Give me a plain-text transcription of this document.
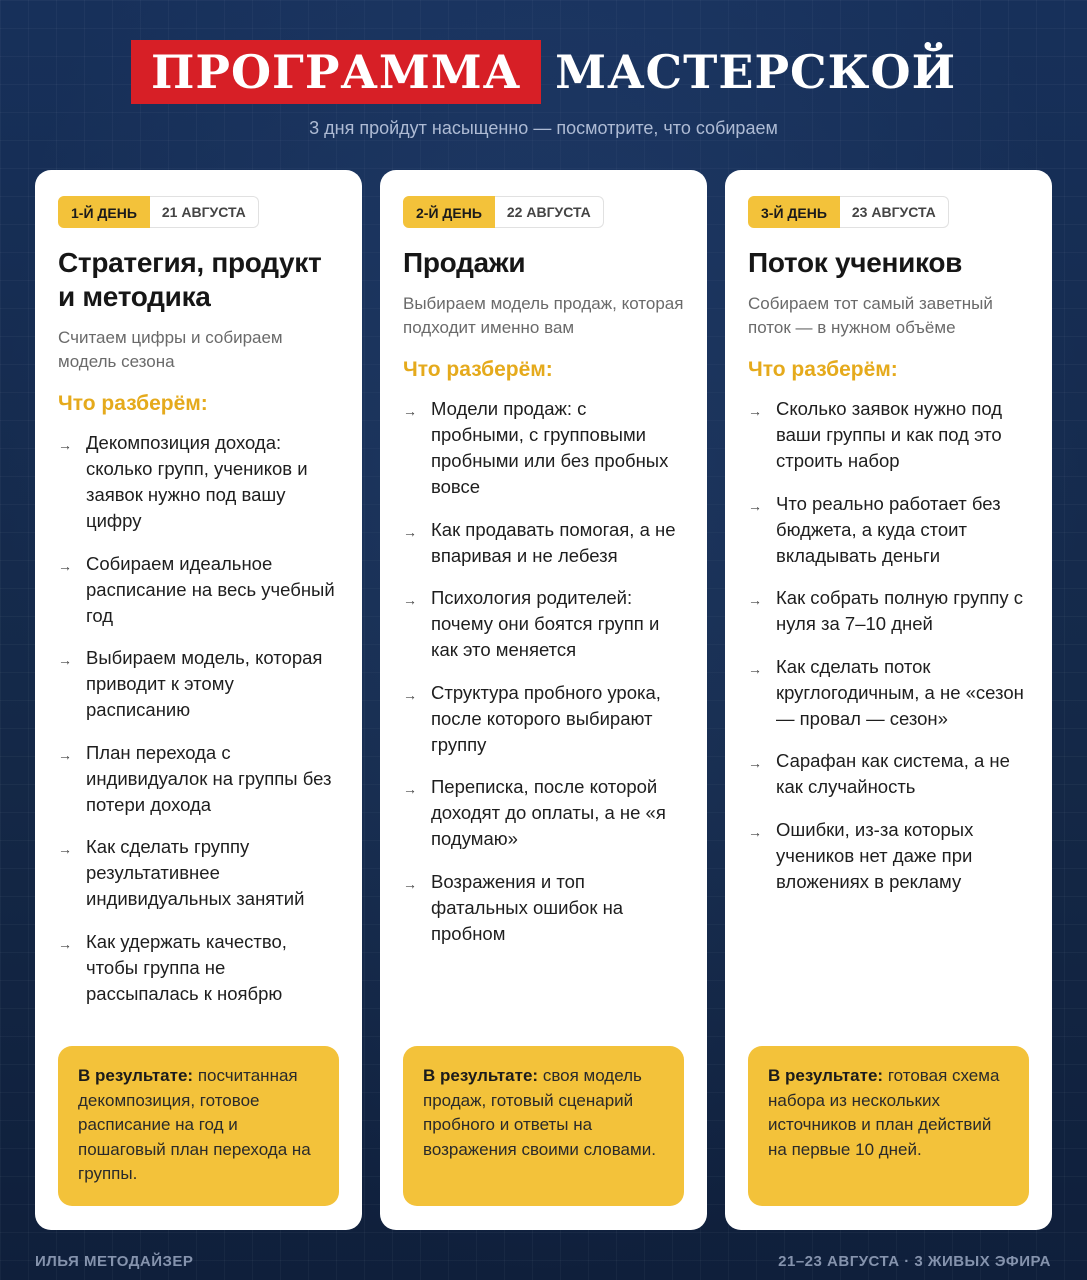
ПРОГРАММА МАСТЕРСКОЙ
3 дня пройдут насыщенно — посмотрите, что собираем
1-Й ДЕНЬ	21 АВГУСТА
Стратегия, продукт и методика
Считаем цифры и собираем модель сезона
Что разберём:
→ Декомпозиция дохода: сколько групп, учеников и заявок нужно под вашу цифру
→ Собираем идеальное расписание на весь учебный год
→ Выбираем модель, которая приводит к этому расписанию
→ План перехода с индивидуалок на группы без потери дохода
→ Как сделать группу результативнее индивидуальных занятий
→ Как удержать качество, чтобы группа не рассыпалась к ноябрю
В результате: посчитанная декомпозиция, готовое расписание на год и пошаговый план перехода на группы.
2-Й ДЕНЬ	22 АВГУСТА
Продажи
Выбираем модель продаж, которая подходит именно вам
Что разберём:
→ Модели продаж: с пробными, с групповыми пробными или без пробных вовсе
→ Как продавать помогая, а не впаривая и не лебезя
→ Психология родителей: почему они боятся групп и как это меняется
→ Структура пробного урока, после которого выбирают группу
→ Переписка, после которой доходят до оплаты, а не «я подумаю»
→ Возражения и топ фатальных ошибок на пробном
В результате: своя модель продаж, готовый сценарий пробного и ответы на возражения своими словами.
3-Й ДЕНЬ	23 АВГУСТА
Поток учеников
Собираем тот самый заветный поток — в нужном объёме
Что разберём:
→ Сколько заявок нужно под ваши группы и как под это строить набор
→ Что реально работает без бюджета, а куда стоит вкладывать деньги
→ Как собрать полную группу с нуля за 7–10 дней
→ Как сделать поток круглогодичным, а не «сезон — провал — сезон»
→ Сарафан как система, а не как случайность
→ Ошибки, из-за которых учеников нет даже при вложениях в рекламу
В результате: готовая схема набора из нескольких источников и план действий на первые 10 дней.
ИЛЬЯ МЕТОДАЙЗЕР	21–23 АВГУСТА · 3 ЖИВЫХ ЭФИРА
